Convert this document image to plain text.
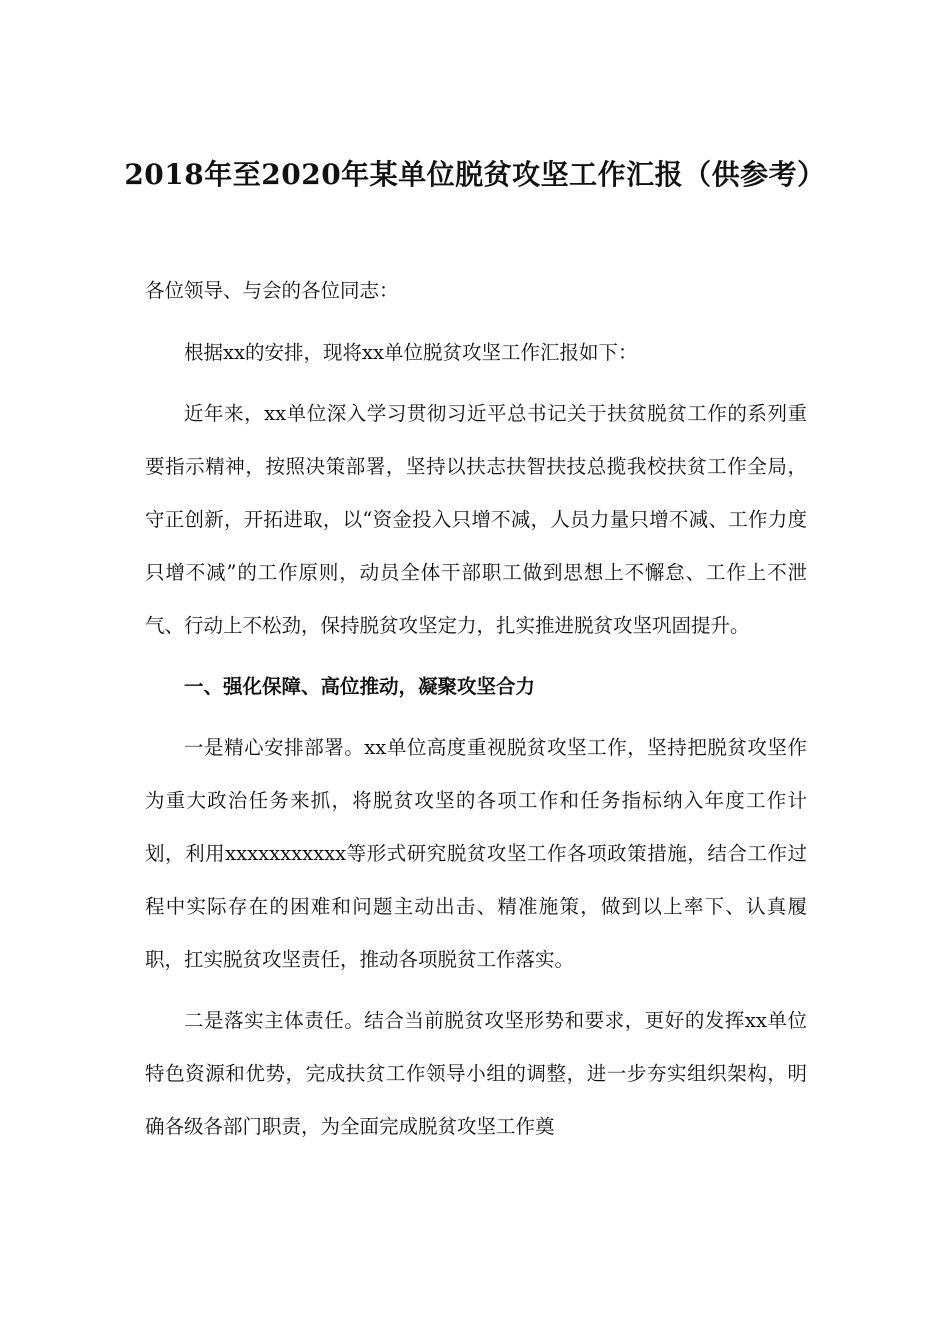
2018年至2020年某单位脱贫攻坚工作汇报（供参考）

各位领导、与会的各位同志：

根据xx的安排，现将xx单位脱贫攻坚工作汇报如下：

近年来，xx单位深入学习贯彻习近平总书记关于扶贫脱贫工作的系列重要指示精神，按照决策部署，坚持以扶志扶智扶技总揽我校扶贫工作全局，守正创新，开拓进取，以“资金投入只增不减，人员力量只增不减、工作力度只增不减”的工作原则，动员全体干部职工做到思想上不懈怠、工作上不泄气、行动上不松劲，保持脱贫攻坚定力，扎实推进脱贫攻坚巩固提升。

一、强化保障、高位推动，凝聚攻坚合力

一是精心安排部署。xx单位高度重视脱贫攻坚工作，坚持把脱贫攻坚作为重大政治任务来抓，将脱贫攻坚的各项工作和任务指标纳入年度工作计划，利用xxxxxxxxxxx等形式研究脱贫攻坚工作各项政策措施，结合工作过程中实际存在的困难和问题主动出击、精准施策，做到以上率下、认真履职，扛实脱贫攻坚责任，推动各项脱贫工作落实。

二是落实主体责任。结合当前脱贫攻坚形势和要求，更好的发挥xx单位特色资源和优势，完成扶贫工作领导小组的调整，进一步夯实组织架构，明确各级各部门职责，为全面完成脱贫攻坚工作奠
